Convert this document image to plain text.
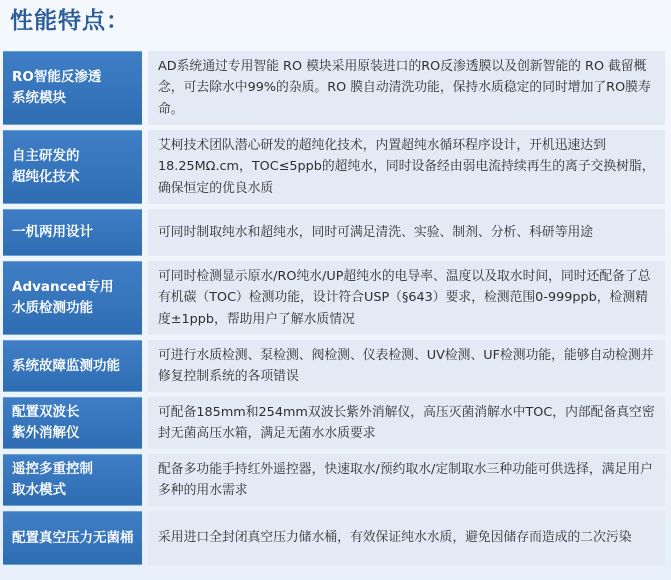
性能特点：
RO智能反渗透
系统模块
AD系统通过专用智能 RO 模块采用原装进口的RO反渗透膜以及创新智能的 RO 截留概念，可去除水中99%的杂质。RO 膜自动清洗功能，保持水质稳定的同时增加了RO膜寿命。
自主研发的
超纯化技术
艾柯技术团队潜心研发的超纯化技术，内置超纯水循环程序设计，开机迅速达到18.25MΩ.cm，TOC≤5ppb的超纯水，同时设备经由弱电流持续再生的离子交换树脂，确保恒定的优良水质
一机两用设计	可同时制取纯水和超纯水，同时可满足清洗、实验、制剂、分析、科研等用途
Advanced专用
水质检测功能
可同时检测显示原水/RO纯水/UP超纯水的电导率、温度以及取水时间，同时还配备了总有机碳（TOC）检测功能，设计符合USP（§643）要求，检测范围0-999ppb，检测精度±1ppb，帮助用户了解水质情况
系统故障监测功能
可进行水质检测、泵检测、阀检测、仪表检测、UV检测、UF检测功能，能够自动检测并修复控制系统的各项错误
配置双波长
紫外消解仪
可配备185mm和254mm双波长紫外消解仪，高压灭菌消解水中TOC，内部配备真空密封无菌高压水箱，满足无菌水水质要求
遥控多重控制
取水模式
配备多功能手持红外遥控器，快速取水/预约取水/定制取水三种功能可供选择，满足用户多种的用水需求
配置真空压力无菌桶	采用进口全封闭真空压力储水桶，有效保证纯水水质，避免因储存而造成的二次污染
